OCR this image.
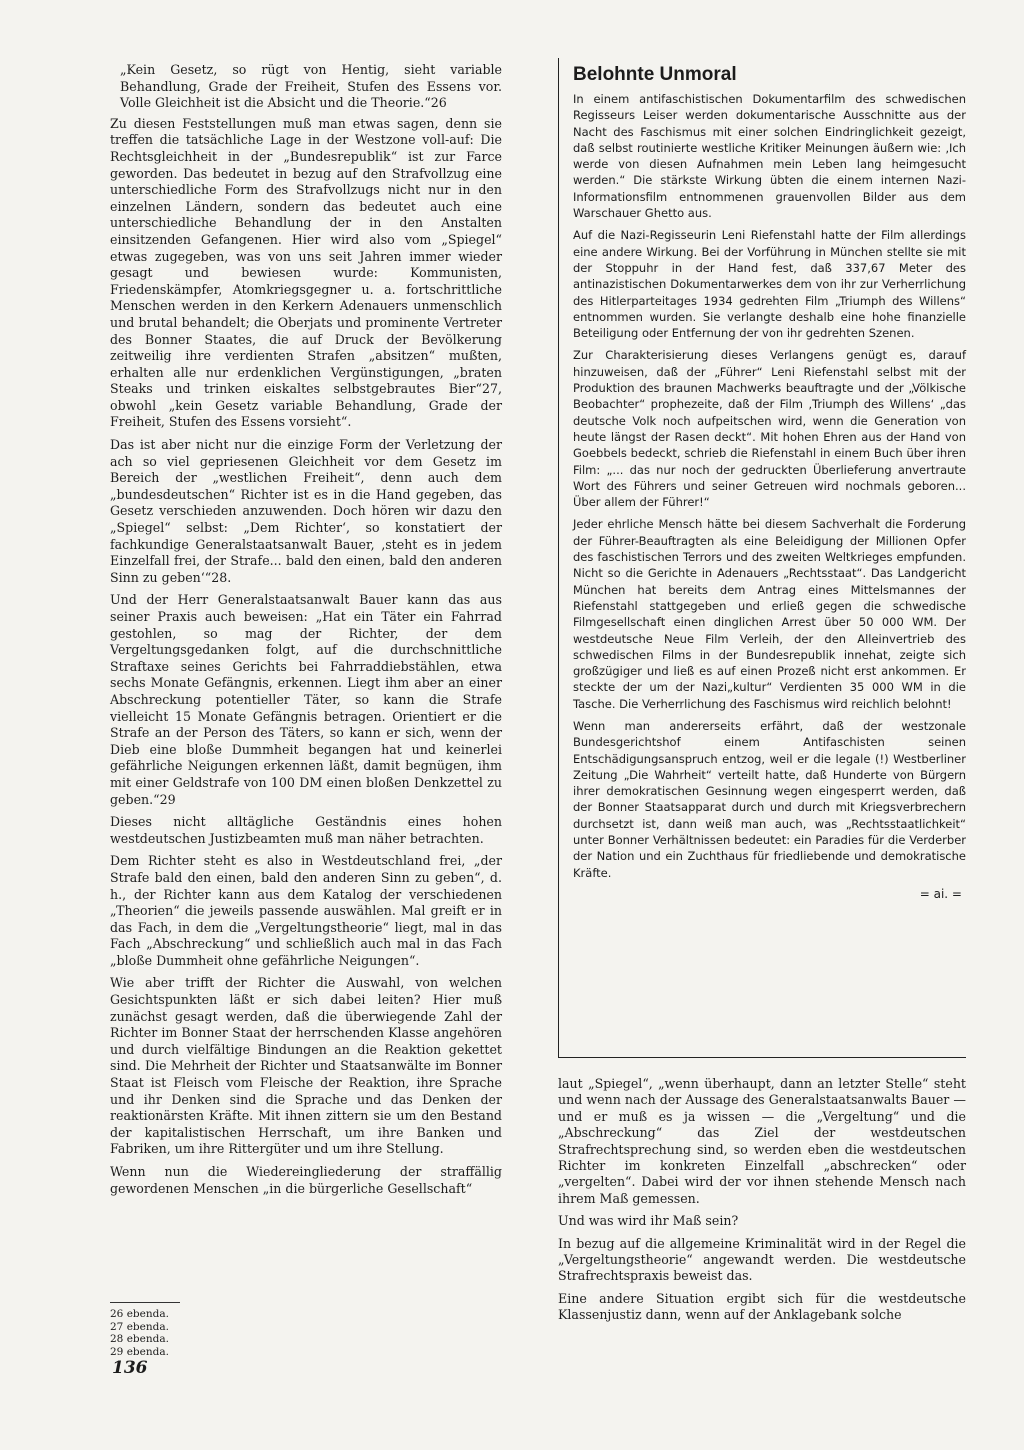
„Kein Gesetz, so rügt von Hentig, sieht variable Behandlung, Grade der Freiheit, Stufen des Essens vor. Volle Gleichheit ist die Absicht und die Theorie.“26

Zu diesen Feststellungen muß man etwas sagen, denn sie treffen die tatsächliche Lage in der Westzone voll-auf: Die Rechtsgleichheit in der „Bundesrepublik“ ist zur Farce geworden. Das bedeutet in bezug auf den Strafvollzug eine unterschiedliche Form des Strafvollzugs nicht nur in den einzelnen Ländern, sondern das bedeutet auch eine unterschiedliche Behandlung der in den Anstalten einsitzenden Gefangenen. Hier wird also vom „Spiegel“ etwas zugegeben, was von uns seit Jahren immer wieder gesagt und bewiesen wurde: Kommunisten, Friedenskämpfer, Atomkriegsgegner u. a. fortschrittliche Menschen werden in den Kerkern Adenauers unmenschlich und brutal behandelt; die Oberjats und prominente Vertreter des Bonner Staates, die auf Druck der Bevölkerung zeitweilig ihre verdienten Strafen „absitzen“ mußten, erhalten alle nur erdenklichen Vergünstigungen, „braten Steaks und trinken eiskaltes selbstgebrautes Bier“27, obwohl „kein Gesetz variable Behandlung, Grade der Freiheit, Stufen des Essens vorsieht“.

Das ist aber nicht nur die einzige Form der Verletzung der ach so viel gepriesenen Gleichheit vor dem Gesetz im Bereich der „westlichen Freiheit“, denn auch dem „bundesdeutschen“ Richter ist es in die Hand gegeben, das Gesetz verschieden anzuwenden. Doch hören wir dazu den „Spiegel“ selbst: „Dem Richter‘, so konstatiert der fachkundige Generalstaatsanwalt Bauer, ‚steht es in jedem Einzelfall frei, der Strafe... bald den einen, bald den anderen Sinn zu geben‘“28.

Und der Herr Generalstaatsanwalt Bauer kann das aus seiner Praxis auch beweisen: „Hat ein Täter ein Fahrrad gestohlen, so mag der Richter, der dem Vergeltungsgedanken folgt, auf die durchschnittliche Straftaxe seines Gerichts bei Fahrraddiebstählen, etwa sechs Monate Gefängnis, erkennen. Liegt ihm aber an einer Abschreckung potentieller Täter, so kann die Strafe vielleicht 15 Monate Gefängnis betragen. Orientiert er die Strafe an der Person des Täters, so kann er sich, wenn der Dieb eine bloße Dummheit begangen hat und keinerlei gefährliche Neigungen erkennen läßt, damit begnügen, ihm mit einer Geldstrafe von 100 DM einen bloßen Denkzettel zu geben.“29

Dieses nicht alltägliche Geständnis eines hohen westdeutschen Justizbeamten muß man näher betrachten.

Dem Richter steht es also in Westdeutschland frei, „der Strafe bald den einen, bald den anderen Sinn zu geben“, d. h., der Richter kann aus dem Katalog der verschiedenen „Theorien“ die jeweils passende auswählen. Mal greift er in das Fach, in dem die „Vergeltungstheorie“ liegt, mal in das Fach „Abschreckung“ und schließlich auch mal in das Fach „bloße Dummheit ohne gefährliche Neigungen“.

Wie aber trifft der Richter die Auswahl, von welchen Gesichtspunkten läßt er sich dabei leiten? Hier muß zunächst gesagt werden, daß die überwiegende Zahl der Richter im Bonner Staat der herrschenden Klasse angehören und durch vielfältige Bindungen an die Reaktion gekettet sind. Die Mehrheit der Richter und Staatsanwälte im Bonner Staat ist Fleisch vom Fleische der Reaktion, ihre Sprache und ihr Denken sind die Sprache und das Denken der reaktionärsten Kräfte. Mit ihnen zittern sie um den Bestand der kapitalistischen Herrschaft, um ihre Banken und Fabriken, um ihre Rittergüter und um ihre Stellung.

Wenn nun die Wiedereingliederung der straffällig gewordenen Menschen „in die bürgerliche Gesellschaft“

26 ebenda.
27 ebenda.
28 ebenda.
29 ebenda.
136
Belohnte Unmoral

In einem antifaschistischen Dokumentarfilm des schwedischen Regisseurs Leiser werden dokumentarische Ausschnitte aus der Nacht des Faschismus mit einer solchen Eindringlichkeit gezeigt, daß selbst routinierte westliche Kritiker Meinungen äußern wie: ‚Ich werde von diesen Aufnahmen mein Leben lang heimgesucht werden.“ Die stärkste Wirkung übten die einem internen Nazi-Informationsfilm entnommenen grauenvollen Bilder aus dem Warschauer Ghetto aus.

Auf die Nazi-Regisseurin Leni Riefenstahl hatte der Film allerdings eine andere Wirkung. Bei der Vorführung in München stellte sie mit der Stoppuhr in der Hand fest, daß 337,67 Meter des antinazistischen Dokumentarwerkes dem von ihr zur Verherrlichung des Hitlerparteitages 1934 gedrehten Film „Triumph des Willens“ entnommen wurden. Sie verlangte deshalb eine hohe finanzielle Beteiligung oder Entfernung der von ihr gedrehten Szenen.

Zur Charakterisierung dieses Verlangens genügt es, darauf hinzuweisen, daß der „Führer“ Leni Riefenstahl selbst mit der Produktion des braunen Machwerks beauftragte und der „Völkische Beobachter“ prophezeite, daß der Film ‚Triumph des Willens‘ „das deutsche Volk noch aufpeitschen wird, wenn die Generation von heute längst der Rasen deckt“. Mit hohen Ehren aus der Hand von Goebbels bedeckt, schrieb die Riefenstahl in einem Buch über ihren Film: „... das nur noch der gedruckten Überlieferung anvertraute Wort des Führers und seiner Getreuen wird nochmals geboren... Über allem der Führer!“

Jeder ehrliche Mensch hätte bei diesem Sachverhalt die Forderung der Führer-Beauftragten als eine Beleidigung der Millionen Opfer des faschistischen Terrors und des zweiten Weltkrieges empfunden. Nicht so die Gerichte in Adenauers „Rechtsstaat“. Das Landgericht München hat bereits dem Antrag eines Mittelsmannes der Riefenstahl stattgegeben und erließ gegen die schwedische Filmgesellschaft einen dinglichen Arrest über 50 000 WM. Der westdeutsche Neue Film Verleih, der den Alleinvertrieb des schwedischen Films in der Bundesrepublik innehat, zeigte sich großzügiger und ließ es auf einen Prozeß nicht erst ankommen. Er steckte der um der Nazi„kultur“ Verdienten 35 000 WM in die Tasche. Die Verherrlichung des Faschismus wird reichlich belohnt!

Wenn man andererseits erfährt, daß der westzonale Bundesgerichtshof einem Antifaschisten seinen Entschädigungsanspruch entzog, weil er die legale (!) Westberliner Zeitung „Die Wahrheit“ verteilt hatte, daß Hunderte von Bürgern ihrer demokratischen Gesinnung wegen eingesperrt werden, daß der Bonner Staatsapparat durch und durch mit Kriegsverbrechern durchsetzt ist, dann weiß man auch, was „Rechtsstaatlichkeit“ unter Bonner Verhältnissen bedeutet: ein Paradies für die Verderber der Nation und ein Zuchthaus für friedliebende und demokratische Kräfte.

= ai. =

laut „Spiegel“, „wenn überhaupt, dann an letzter Stelle“ steht und wenn nach der Aussage des Generalstaatsanwalts Bauer — und er muß es ja wissen — die „Vergeltung“ und die „Abschreckung“ das Ziel der westdeutschen Strafrechtsprechung sind, so werden eben die westdeutschen Richter im konkreten Einzelfall „abschrecken“ oder „vergelten“. Dabei wird der vor ihnen stehende Mensch nach ihrem Maß gemessen.

Und was wird ihr Maß sein?

In bezug auf die allgemeine Kriminalität wird in der Regel die „Vergeltungstheorie“ angewandt werden. Die westdeutsche Strafrechtspraxis beweist das.

Eine andere Situation ergibt sich für die westdeutsche Klassenjustiz dann, wenn auf der Anklagebank solche
